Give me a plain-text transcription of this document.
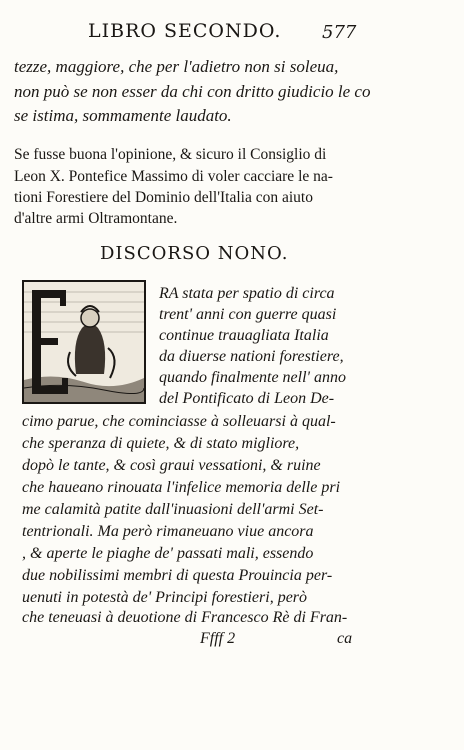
LIBRO SECONDO. 577
tezze, maggiore, che per l'adietro non si soleua,
non può se non esser da chi con dritto giudicio le co
se istima, sommamente laudato.
Se fusse buona l'opinione, & sicuro il Consiglio di
Leon X. Pontefice Massimo di voler cacciare le na-
tioni Forestiere del Dominio dell'Italia con aiuto
d'altre armi Oltramontane.
DISCORSO NONO.
RA stata per spatio di circa
trent' anni con guerre quasi
continue trauagliata Italia
da diuerse nationi forestiere,
quando finalmente nell' anno
del Pontificato di Leon De-
cimo parue, che cominciasse à solleuarsi à qual-
che speranza di quiete, & di stato migliore,
dopò le tante, & così graui vessationi, & ruine
che haueano rinouata l'infelice memoria delle pri
me calamità patite dall'inuasioni dell'armi Set-
tentrionali. Ma però rimaneuano viue ancora
, & aperte le piaghe de' passati mali, essendo
due nobilissimi membri di questa Prouincia per-
uenuti in potestà de' Principi forestieri, però
che teneuasi à deuotione di Francesco Rè di Fran-
Ffff 2	ca
